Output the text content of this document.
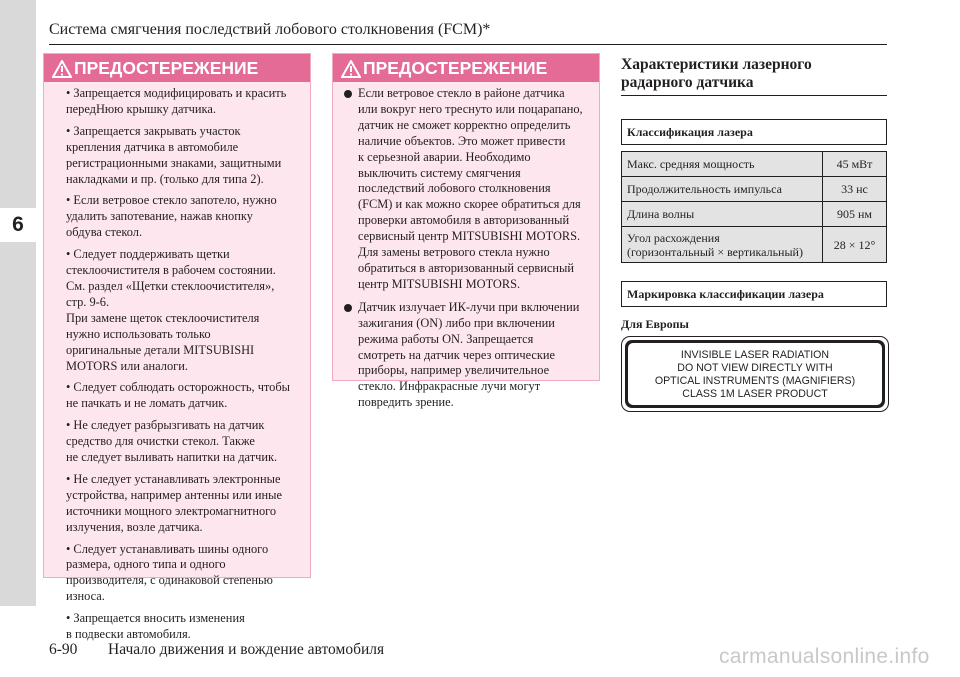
6
Система смягчения последствий лобового столкновения (FCM)*
ПРЕДОСТЕРЕЖЕНИЕ

• Запрещается модифицировать и красить
передНюю крышку датчика.

• Запрещается закрывать участок
крепления датчика в автомобиле
регистрационными знаками, защитными
накладками и пр. (только для типа 2).

• Если ветровое стекло запотело, нужно
удалить запотевание, нажав кнопку
обдува стекол.

• Следует поддерживать щетки
стеклоочистителя в рабочем состоянии.
См. раздел «Щетки стеклоочистителя»,
стр. 9-6.
При замене щеток стеклоочистителя
нужно использовать только
оригинальные детали MITSUBISHI
MOTORS или аналоги.

• Следует соблюдать осторожность, чтобы
не пачкать и не ломать датчик.

• Не следует разбрызгивать на датчик
средство для очистки стекол. Также
не следует выливать напитки на датчик.

• Не следует устанавливать электронные
устройства, например антенны или иные
источники мощного электромагнитного
излучения, возле датчика.

• Следует устанавливать шины одного
размера, одного типа и одного
производителя, с одинаковой степенью
износа.

• Запрещается вносить изменения
в подвески автомобиля.

ПРЕДОСТЕРЕЖЕНИЕ

Если ветровое стекло в районе датчика
или вокруг него треснуто или поцарапано,
датчик не сможет корректно определить
наличие объектов. Это может привести
к серьезной аварии. Необходимо
выключить систему смягчения
последствий лобового столкновения
(FCM) и как можно скорее обратиться для
проверки автомобиля в авторизованный
сервисный центр MITSUBISHI MOTORS.
Для замены ветрового стекла нужно
обратиться в авторизованный сервисный
центр MITSUBISHI MOTORS.

Датчик излучает ИК-лучи при включении
зажигания (ON) либо при включении
режима работы ON. Запрещается
смотреть на датчик через оптические
приборы, например увеличительное
стекло. Инфракрасные лучи могут
повредить зрение.

Характеристики лазерного
радарного датчика
Классификация лазера
Макс. средняя мощность	45 мВт

Продолжительность импульса	33 нс

Длина волны	905 нм

Угол расхождения
(горизонтальный × вертикальный)	28 × 12°
Маркировка классификации лазера
Для Европы
INVISIBLE LASER RADIATION
DO NOT VIEW DIRECTLY WITH
OPTICAL INSTRUMENTS (MAGNIFIERS)
CLASS 1M LASER PRODUCT
6-90 Начало движения и вождение автомобиля	carmanualsonline.info
